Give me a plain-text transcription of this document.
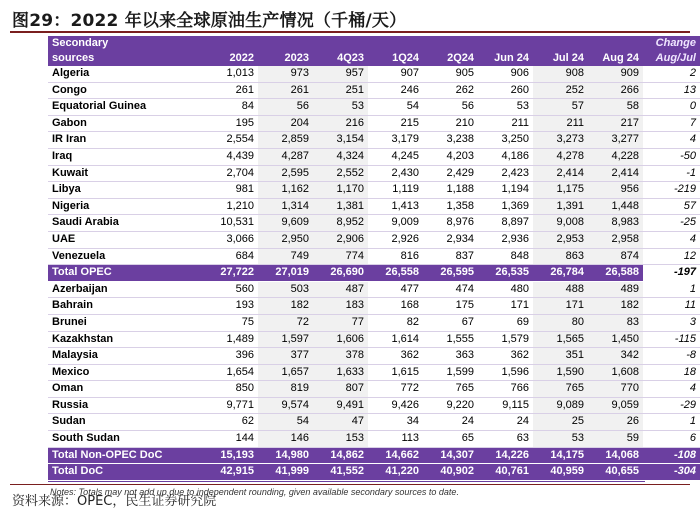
图29：2022 年以来全球原油生产情况（千桶/天）
Secondary									Change
sources	2022	2023	4Q23	1Q24	2Q24	Jun 24	Jul 24	Aug 24	Aug/Jul
Algeria	1,013	973	957	907	905	906	908	909	2
Congo	261	261	251	246	262	260	252	266	13
Equatorial Guinea	84	56	53	54	56	53	57	58	0
Gabon	195	204	216	215	210	211	211	217	7
IR Iran	2,554	2,859	3,154	3,179	3,238	3,250	3,273	3,277	4
Iraq	4,439	4,287	4,324	4,245	4,203	4,186	4,278	4,228	-50
Kuwait	2,704	2,595	2,552	2,430	2,429	2,423	2,414	2,414	-1
Libya	981	1,162	1,170	1,119	1,188	1,194	1,175	956	-219
Nigeria	1,210	1,314	1,381	1,413	1,358	1,369	1,391	1,448	57
Saudi Arabia	10,531	9,609	8,952	9,009	8,976	8,897	9,008	8,983	-25
UAE	3,066	2,950	2,906	2,926	2,934	2,936	2,953	2,958	4
Venezuela	684	749	774	816	837	848	863	874	12
Total OPEC	27,722	27,019	26,690	26,558	26,595	26,535	26,784	26,588	-197
Azerbaijan	560	503	487	477	474	480	488	489	1
Bahrain	193	182	183	168	175	171	171	182	11
Brunei	75	72	77	82	67	69	80	83	3
Kazakhstan	1,489	1,597	1,606	1,614	1,555	1,579	1,565	1,450	-115
Malaysia	396	377	378	362	363	362	351	342	-8
Mexico	1,654	1,657	1,633	1,615	1,599	1,596	1,590	1,608	18
Oman	850	819	807	772	765	766	765	770	4
Russia	9,771	9,574	9,491	9,426	9,220	9,115	9,089	9,059	-29
Sudan	62	54	47	34	24	24	25	26	1
South Sudan	144	146	153	113	65	63	53	59	6
Total Non-OPEC DoC	15,193	14,980	14,862	14,662	14,307	14,226	14,175	14,068	-108
Total DoC	42,915	41,999	41,552	41,220	40,902	40,761	40,959	40,655	-304
Notes: Totals may not add up due to independent rounding, given available secondary sources to date.
资料来源：OPEC，民生证券研究院
